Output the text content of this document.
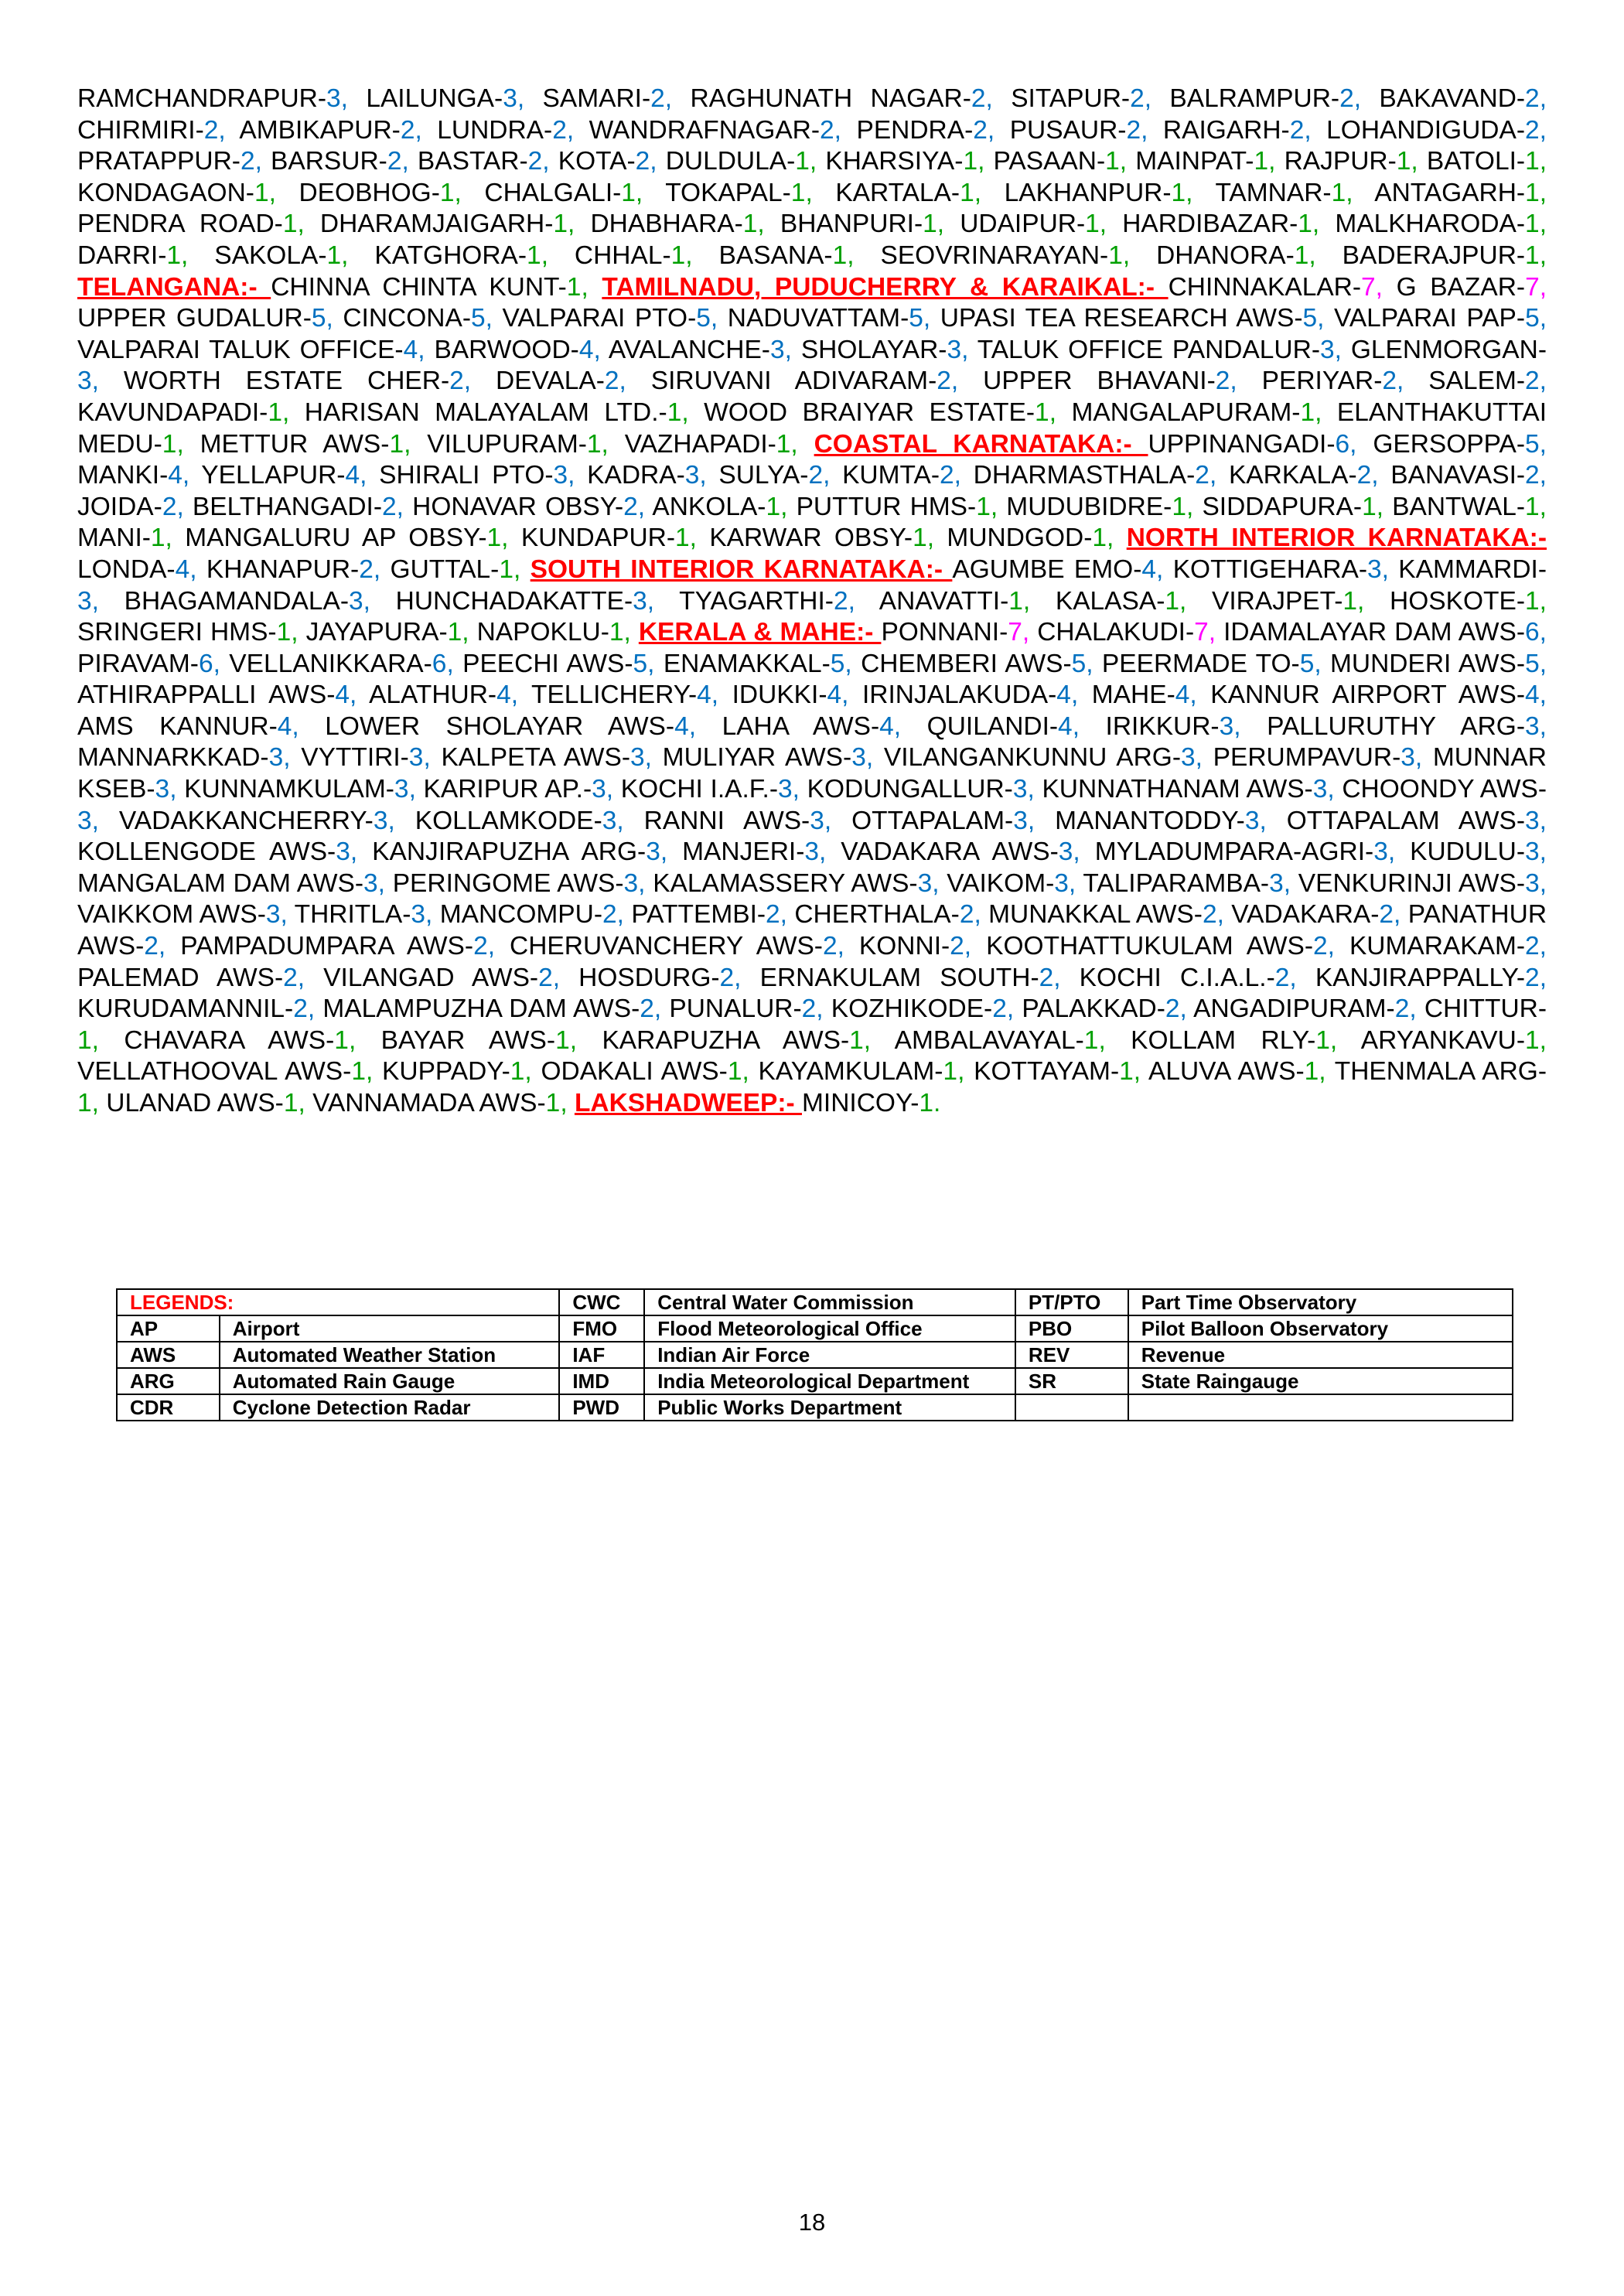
RAMCHANDRAPUR-3, LAILUNGA-3, SAMARI-2, RAGHUNATH NAGAR-2, SITAPUR-2, BALRAMPUR-2, BAKAVAND-2, CHIRMIRI-2, AMBIKAPUR-2, LUNDRA-2, WANDRAFNAGAR-2, PENDRA-2, PUSAUR-2, RAIGARH-2, LOHANDIGUDA-2, PRATAPPUR-2, BARSUR-2, BASTAR-2, KOTA-2, DULDULA-1, KHARSIYA-1, PASAAN-1, MAINPAT-1, RAJPUR-1, BATOLI-1, KONDAGAON-1, DEOBHOG-1, CHALGALI-1, TOKAPAL-1, KARTALA-1, LAKHANPUR-1, TAMNAR-1, ANTAGARH-1, PENDRA ROAD-1, DHARAMJAIGARH-1, DHABHARA-1, BHANPURI-1, UDAIPUR-1, HARDIBAZAR-1, MALKHARODA-1, DARRI-1, SAKOLA-1, KATGHORA-1, CHHAL-1, BASANA-1, SEOVRINARAYAN-1, DHANORA-1, BADERAJPUR-1, TELANGANA:- CHINNA CHINTA KUNT-1, TAMILNADU, PUDUCHERRY & KARAIKAL:- CHINNAKALAR-7, G BAZAR-7, UPPER GUDALUR-5, CINCONA-5, VALPARAI PTO-5, NADUVATTAM-5, UPASI TEA RESEARCH AWS-5, VALPARAI PAP-5, VALPARAI TALUK OFFICE-4, BARWOOD-4, AVALANCHE-3, SHOLAYAR-3, TALUK OFFICE PANDALUR-3, GLENMORGAN-3, WORTH ESTATE CHER-2, DEVALA-2, SIRUVANI ADIVARAM-2, UPPER BHAVANI-2, PERIYAR-2, SALEM-2, KAVUNDAPADI-1, HARISAN MALAYALAM LTD.-1, WOOD BRAIYAR ESTATE-1, MANGALAPURAM-1, ELANTHAKUTTAI MEDU-1, METTUR AWS-1, VILUPURAM-1, VAZHAPADI-1, COASTAL KARNATAKA:- UPPINANGADI-6, GERSOPPA-5, MANKI-4, YELLAPUR-4, SHIRALI PTO-3, KADRA-3, SULYA-2, KUMTA-2, DHARMASTHALA-2, KARKALA-2, BANAVASI-2, JOIDA-2, BELTHANGADI-2, HONAVAR OBSY-2, ANKOLA-1, PUTTUR HMS-1, MUDUBIDRE-1, SIDDAPURA-1, BANTWAL-1, MANI-1, MANGALURU AP OBSY-1, KUNDAPUR-1, KARWAR OBSY-1, MUNDGOD-1, NORTH INTERIOR KARNATAKA:- LONDA-4, KHANAPUR-2, GUTTAL-1, SOUTH INTERIOR KARNATAKA:- AGUMBE EMO-4, KOTTIGEHARA-3, KAMMARDI-3, BHAGAMANDALA-3, HUNCHADAKATTE-3, TYAGARTHI-2, ANAVATTI-1, KALASA-1, VIRAJPET-1, HOSKOTE-1, SRINGERI HMS-1, JAYAPURA-1, NAPOKLU-1, KERALA & MAHE:- PONNANI-7, CHALAKUDI-7, IDAMALAYAR DAM AWS-6, PIRAVAM-6, VELLANIKKARA-6, PEECHI AWS-5, ENAMAKKAL-5, CHEMBERI AWS-5, PEERMADE TO-5, MUNDERI AWS-5, ATHIRAPPALLI AWS-4, ALATHUR-4, TELLICHERY-4, IDUKKI-4, IRINJALAKUDA-4, MAHE-4, KANNUR AIRPORT AWS-4, AMS KANNUR-4, LOWER SHOLAYAR AWS-4, LAHA AWS-4, QUILANDI-4, IRIKKUR-3, PALLURUTHY ARG-3, MANNARKKAD-3, VYTTIRI-3, KALPETA AWS-3, MULIYAR AWS-3, VILANGANKUNNU ARG-3, PERUMPAVUR-3, MUNNAR KSEB-3, KUNNAMKULAM-3, KARIPUR AP.-3, KOCHI I.A.F.-3, KODUNGALLUR-3, KUNNATHANAM AWS-3, CHOONDY AWS-3, VADAKKANCHERRY-3, KOLLAMKODE-3, RANNI AWS-3, OTTAPALAM-3, MANANTODDY-3, OTTAPALAM AWS-3, KOLLENGODE AWS-3, KANJIRAPUZHA ARG-3, MANJERI-3, VADAKARA AWS-3, MYLADUMPARA-AGRI-3, KUDULU-3, MANGALAM DAM AWS-3, PERINGOME AWS-3, KALAMASSERY AWS-3, VAIKOM-3, TALIPARAMBA-3, VENKURINJI AWS-3, VAIKKOM AWS-3, THRITLA-3, MANCOMPU-2, PATTEMBI-2, CHERTHALA-2, MUNAKKAL AWS-2, VADAKARA-2, PANATHUR AWS-2, PAMPADUMPARA AWS-2, CHERUVANCHERY AWS-2, KONNI-2, KOOTHATTUKULAM AWS-2, KUMARAKAM-2, PALEMAD AWS-2, VILANGAD AWS-2, HOSDURG-2, ERNAKULAM SOUTH-2, KOCHI C.I.A.L.-2, KANJIRAPPALLY-2, KURUDAMANNIL-2, MALAMPUZHA DAM AWS-2, PUNALUR-2, KOZHIKODE-2, PALAKKAD-2, ANGADIPURAM-2, CHITTUR-1, CHAVARA AWS-1, BAYAR AWS-1, KARAPUZHA AWS-1, AMBALAVAYAL-1, KOLLAM RLY-1, ARYANKAVU-1, VELLATHOOVAL AWS-1, KUPPADY-1, ODAKALI AWS-1, KAYAMKULAM-1, KOTTAYAM-1, ALUVA AWS-1, THENMALA ARG-1, ULANAD AWS-1, VANNAMADA AWS-1, LAKSHADWEEP:- MINICOY-1.

LEGENDS:		CWC	Central Water Commission	PT/PTO	Part Time Observatory
AP	Airport	FMO	Flood Meteorological Office	PBO	Pilot Balloon Observatory
AWS	Automated Weather Station	IAF	Indian Air Force	REV	Revenue
ARG	Automated Rain Gauge	IMD	India Meteorological Department	SR	State Raingauge
CDR	Cyclone Detection Radar	PWD	Public Works Department		
18
